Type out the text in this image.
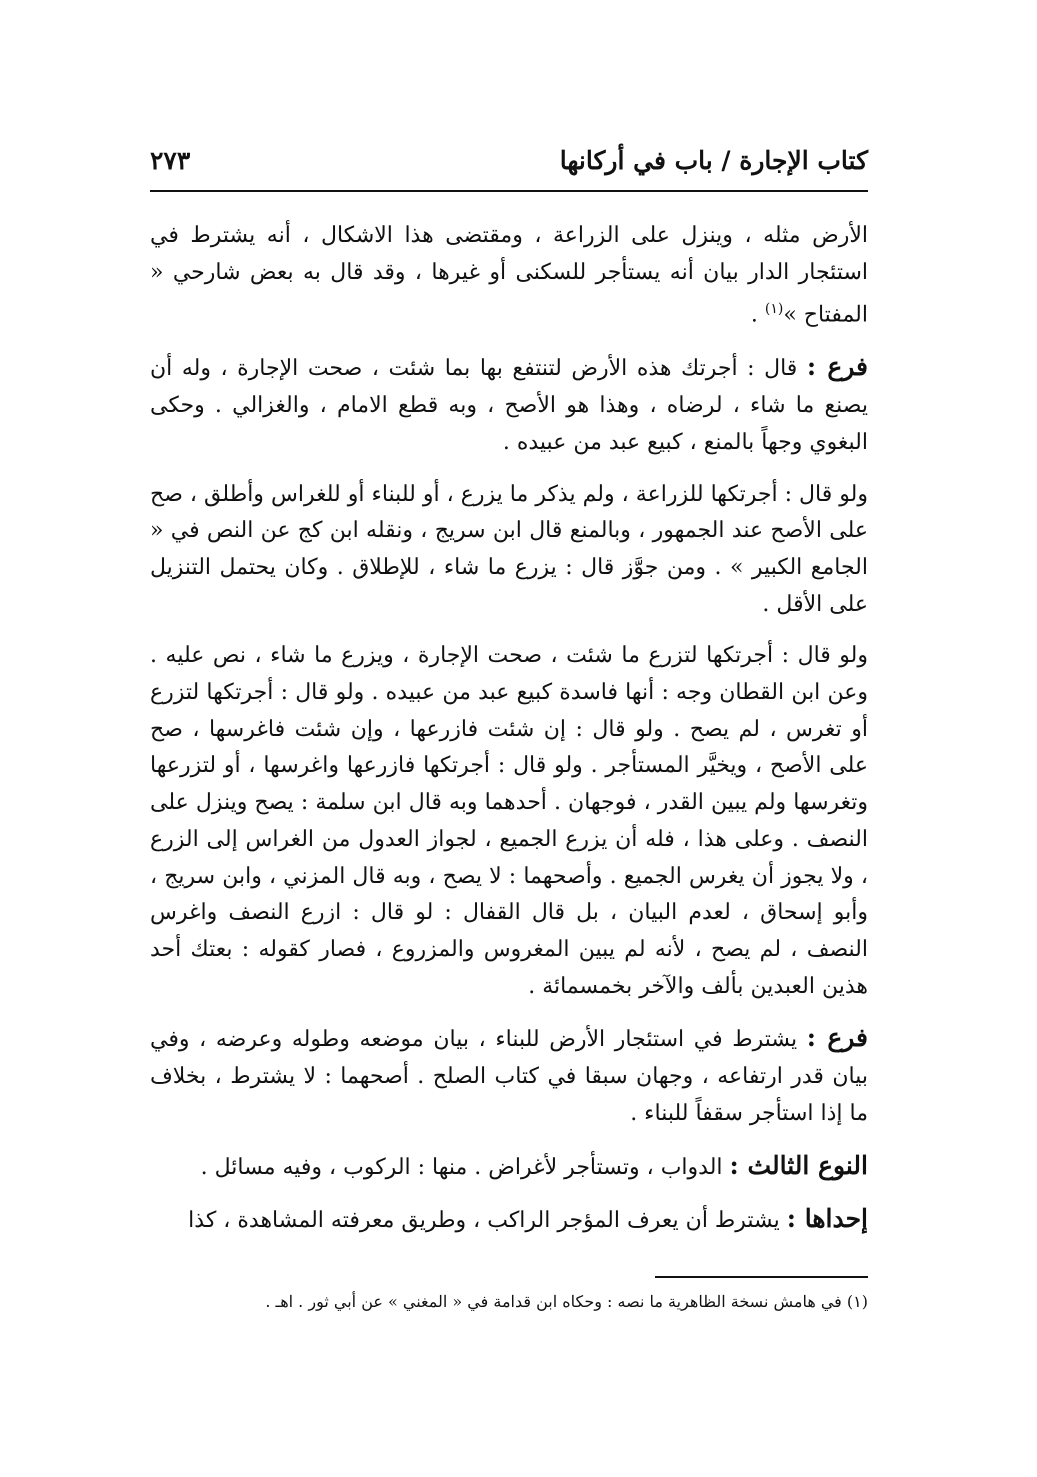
كتاب الإجارة / باب في أركانها
٢٧٣

الأرض مثله ، وينزل على الزراعة ، ومقتضى هذا الاشكال ، أنه يشترط في استئجار الدار بيان أنه يستأجر للسكنى أو غيرها ، وقد قال به بعض شارحي « المفتاح »$^{(١)}$ .

فرع : قال : أجرتك هذه الأرض لتنتفع بها بما شئت ، صحت الإجارة ، وله أن يصنع ما شاء ، لرضاه ، وهذا هو الأصح ، وبه قطع الامام ، والغزالي . وحكى البغوي وجهاً بالمنع ، كبيع عبد من عبيده .

ولو قال : أجرتكها للزراعة ، ولم يذكر ما يزرع ، أو للبناء أو للغراس وأطلق ، صح على الأصح عند الجمهور ، وبالمنع قال ابن سريج ، ونقله ابن كج عن النص في « الجامع الكبير » . ومن جوَّز قال : يزرع ما شاء ، للإطلاق . وكان يحتمل التنزيل على الأقل .

ولو قال : أجرتكها لتزرع ما شئت ، صحت الإجارة ، ويزرع ما شاء ، نص عليه . وعن ابن القطان وجه : أنها فاسدة كبيع عبد من عبيده . ولو قال : أجرتكها لتزرع أو تغرس ، لم يصح . ولو قال : إن شئت فازرعها ، وإن شئت فاغرسها ، صح على الأصح ، ويخيَّر المستأجر . ولو قال : أجرتكها فازرعها واغرسها ، أو لتزرعها وتغرسها ولم يبين القدر ، فوجهان . أحدهما وبه قال ابن سلمة : يصح وينزل على النصف . وعلى هذا ، فله أن يزرع الجميع ، لجواز العدول من الغراس إلى الزرع ، ولا يجوز أن يغرس الجميع . وأصحهما : لا يصح ، وبه قال المزني ، وابن سريج ، وأبو إسحاق ، لعدم البيان ، بل قال القفال : لو قال : ازرع النصف واغرس النصف ، لم يصح ، لأنه لم يبين المغروس والمزروع ، فصار كقوله : بعتك أحد هذين العبدين بألف والآخر بخمسمائة .

فرع : يشترط في استئجار الأرض للبناء ، بيان موضعه وطوله وعرضه ، وفي بيان قدر ارتفاعه ، وجهان سبقا في كتاب الصلح . أصحهما : لا يشترط ، بخلاف ما إذا استأجر سقفاً للبناء .

النوع الثالث : الدواب ، وتستأجر لأغراض . منها : الركوب ، وفيه مسائل .

إحداها : يشترط أن يعرف المؤجر الراكب ، وطريق معرفته المشاهدة ، كذا

(١) في هامش نسخة الظاهرية ما نصه : وحكاه ابن قدامة في « المغني » عن أبي ثور . اهـ .
